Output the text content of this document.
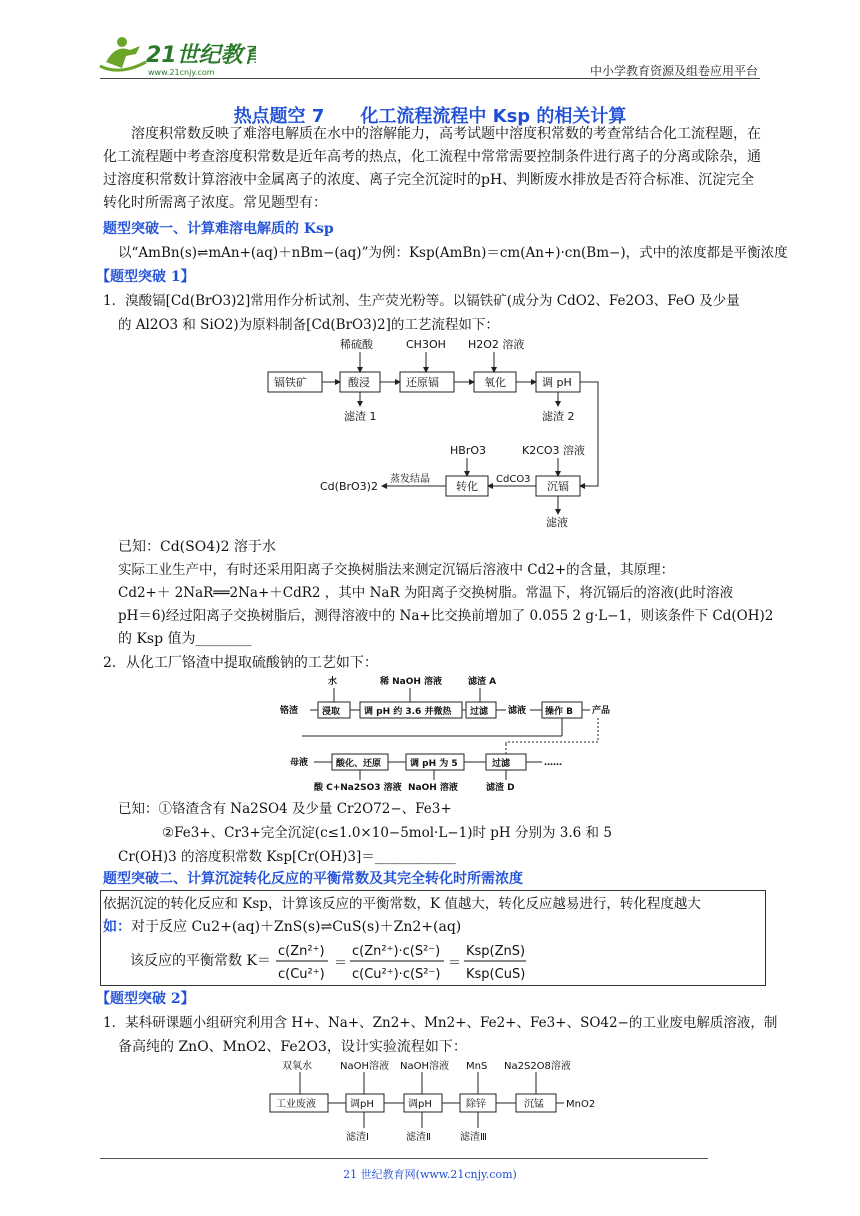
21世纪教育
www.21cnjy.com	中小学教育资源及组卷应用平台
热点题空 7　　化工流程流程中 Ksp 的相关计算
溶度积常数反映了难溶电解质在水中的溶解能力，高考试题中溶度积常数的考查常结合化工流程题，在化工流程题中考查溶度积常数是近年高考的热点，化工流程中常常需要控制条件进行离子的分离或除杂，通过溶度积常数计算溶液中金属离子的浓度、离子完全沉淀时的pH、判断废水排放是否符合标准、沉淀完全转化时所需离子浓度。常见题型有：
题型突破一、计算难溶电解质的 Ksp
以“AmBn(s)⇌mAn+(aq)＋nBm−(aq)”为例：Ksp(AmBn)＝cm(An+)·cn(Bm−)，式中的浓度都是平衡浓度
【题型突破 1】
1．溴酸镉[Cd(BrO3)2]常用作分析试剂、生产荧光粉等。以镉铁矿(成分为 CdO2、Fe2O3、FeO 及少量
的 Al2O3 和 SiO2)为原料制备[Cd(BrO3)2]的工艺流程如下：
稀硫酸	CH3OH H2O2 溶液
镉铁矿	酸浸	还原镉	氧化	调 pH
沉镉
转化
滤渣 1	滤渣 2
滤液
K2CO3 溶液
HBrO3
CdCO3
蒸发结晶
Cd(BrO3)2
已知：Cd(SO4)2 溶于水
实际工业生产中，有时还采用阳离子交换树脂法来测定沉镉后溶液中 Cd2+的含量，其原理：
Cd2+＋ 2NaR══2Na+＋CdR2 ，其中 NaR 为阳离子交换树脂。常温下，将沉镉后的溶液(此时溶液
pH＝6)经过阳离子交换树脂后，测得溶液中的 Na+比交换前增加了 0.055 2 g·L−1，则该条件下 Cd(OH)2
的 Ksp 值为________
2．从化工厂铬渣中提取硫酸钠的工艺如下：
水	稀 NaOH 溶液	滤渣 A
铬渣	浸取	调 pH 约 3.6 并微热 过滤 滤液 操作 B 产品
母液	酸化、还原	调 pH 为 5	过滤	……
酸 C+Na2SO3 溶液 NaOH 溶液	滤渣 D
已知：①铬渣含有 Na2SO4 及少量 Cr2O72−、Fe3+
②Fe3+、Cr3+完全沉淀(c≤1.0×10−5mol·L−1)时 pH 分别为 3.6 和 5
Cr(OH)3 的溶度积常数 Ksp[Cr(OH)3]＝____________
题型突破二、计算沉淀转化反应的平衡常数及其完全转化时所需浓度
依据沉淀的转化反应和 Ksp，计算该反应的平衡常数，K 值越大，转化反应越易进行，转化程度越大
如：对于反应 Cu2+(aq)＋ZnS(s)⇌CuS(s)＋Zn2+(aq)
该反应的平衡常数 K＝
c(Zn²⁺)
c(Cu²⁺)
＝
c(Zn²⁺)·c(S²⁻)
c(Cu²⁺)·c(S²⁻)
＝
Ksp(ZnS)
Ksp(CuS)
【题型突破 2】
1．某科研课题小组研究利用含 H+、Na+、Zn2+、Mn2+、Fe2+、Fe3+、SO42−的工业废电解质溶液，制
备高纯的 ZnO、MnO2、Fe2O3，设计实验流程如下：
双氧水	NaOH溶液 NaOH溶液 MnS Na2S2O8溶液
工业废液	调pH	调pH	除锌	沉锰 MnO2
滤渣Ⅰ	滤渣Ⅱ	滤渣Ⅲ
21 世纪教育网(www.21cnjy.com)
